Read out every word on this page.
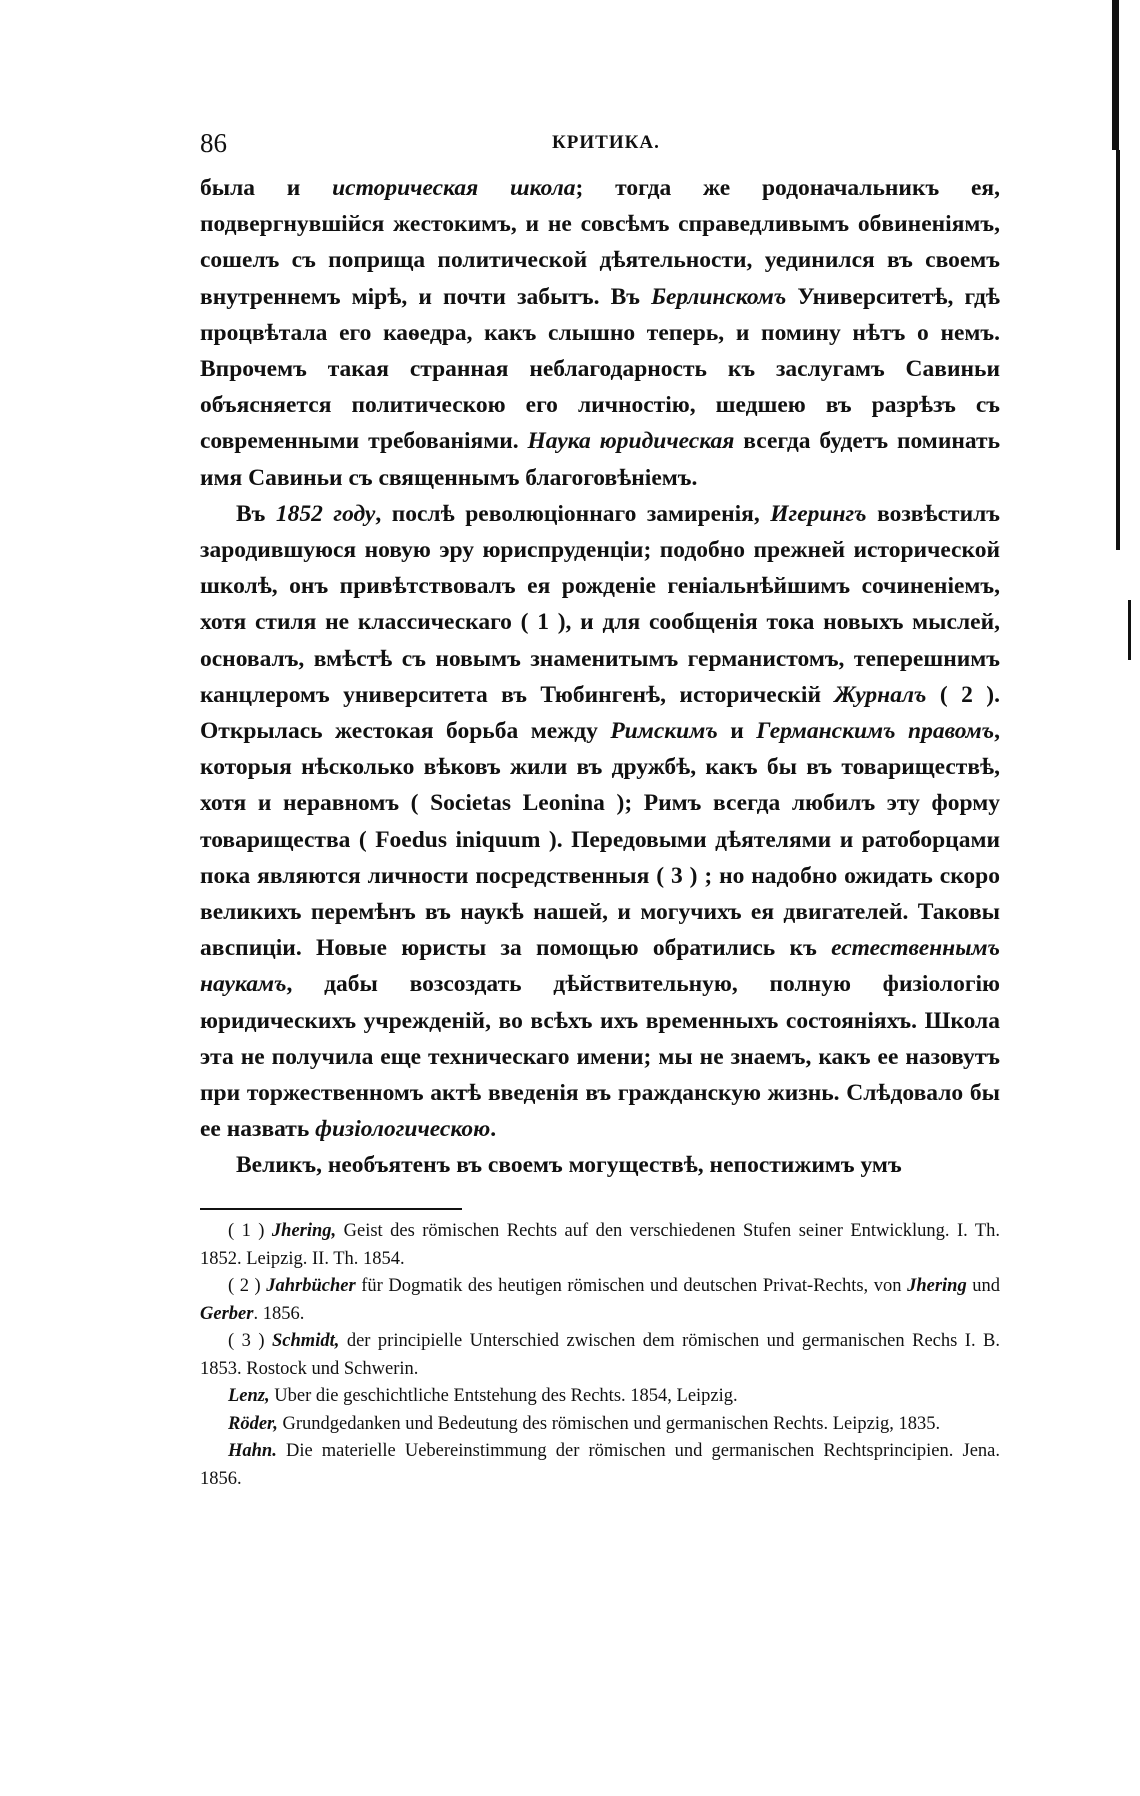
86	КРИТИКА.

была и историческая школа; тогда же родоначальникъ ея, подвергнувшійся жестокимъ, и не совсѣмъ справедливымъ обвиненіямъ, сошелъ съ поприща политической дѣятельности, уединился въ своемъ внутреннемъ мірѣ, и почти забытъ. Въ Берлинскомъ Университетѣ, гдѣ процвѣтала его каѳедра, какъ слышно теперь, и помину нѣтъ о немъ. Впрочемъ такая странная неблагодарность къ заслугамъ Савиньи объясняется политическою его личностію, шедшею въ разрѣзъ съ современными требованіями. Наука юридическая всегда будетъ поминать имя Савиньи съ священнымъ благоговѣніемъ.

Въ 1852 году, послѣ революціоннаго замиренія, Игерингъ возвѣстилъ зародившуюся новую эру юриспруденціи; подобно прежней исторической школѣ, онъ привѣтствовалъ ея рожденіе геніальнѣйшимъ сочиненіемъ, хотя стиля не классическаго ( 1 ), и для сообщенія тока новыхъ мыслей, основалъ, вмѣстѣ съ новымъ знаменитымъ германистомъ, теперешнимъ канцлеромъ университета въ Тюбингенѣ, историческій Журналъ ( 2 ). Открылась жестокая борьба между Римскимъ и Германскимъ правомъ, которыя нѣсколько вѣковъ жили въ дружбѣ, какъ бы въ товариществѣ, хотя и неравномъ ( Societas Leonina ); Римъ всегда любилъ эту форму товарищества ( Foedus iniquum ). Передовыми дѣятелями и ратоборцами пока являются личности посредственныя ( 3 ) ; но надобно ожидать скоро великихъ перемѣнъ въ наукѣ нашей, и могучихъ ея двигателей. Таковы авспиціи. Новые юристы за помощью обратились къ естественнымъ наукамъ, дабы возсоздать дѣйствительную, полную физіологію юридическихъ учрежденій, во всѣхъ ихъ временныхъ состояніяхъ. Школа эта не получила еще техническаго имени; мы не знаемъ, какъ ее назовутъ при торжественномъ актѣ введенія въ гражданскую жизнь. Слѣдовало бы ее назвать физіологическою.

Великъ, необъятенъ въ своемъ могуществѣ, непостижимъ умъ

( 1 ) Jhering, Geist des römischen Rechts auf den verschiedenen Stufen seiner Entwicklung. I. Th. 1852. Leipzig. II. Th. 1854.

( 2 ) Jahrbücher für Dogmatik des heutigen römischen und deutschen Privat-Rechts, von Jhering und Gerber. 1856.

( 3 ) Schmidt, der principielle Unterschied zwischen dem römischen und germanischen Rechs I. B. 1853. Rostock und Schwerin.

Lenz, Uber die geschichtliche Entstehung des Rechts. 1854, Leipzig.

Röder, Grundgedanken und Bedeutung des römischen und germanischen Rechts. Leipzig, 1835.

Hahn. Die materielle Uebereinstimmung der römischen und germanischen Rechtsprincipien. Jena. 1856.
